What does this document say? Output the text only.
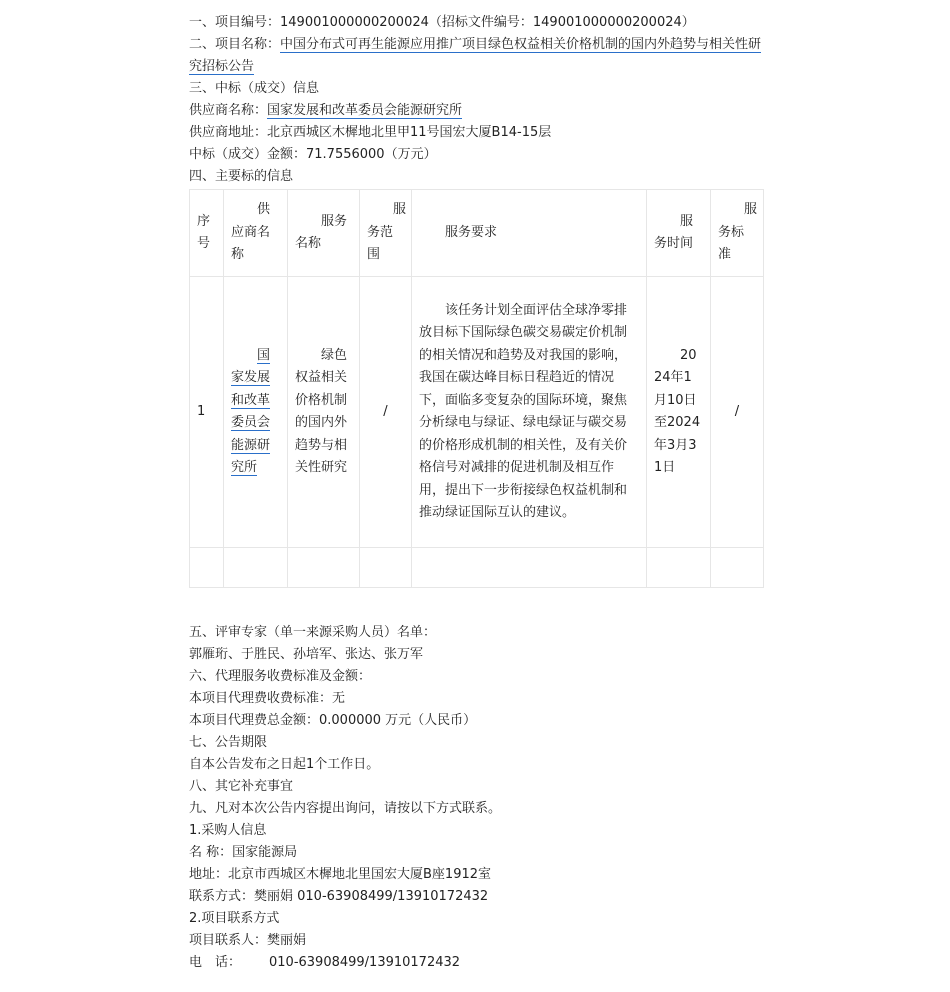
一、项目编号：149001000000200024（招标文件编号：149001000000200024）
二、项目名称：中国分布式可再生能源应用推广项目绿色权益相关价格机制的国内外趋势与相关性研究招标公告
三、中标（成交）信息
供应商名称：国家发展和改革委员会能源研究所
供应商地址：北京西城区木樨地北里甲11号国宏大厦B14-15层
中标（成交）金额：71.7556000（万元）
四、主要标的信息
序号	供应商名称	服务名称	服务范围	服务要求	服务时间	服务标准
1	国家发展和改革委员会能源研究所	绿色权益相关价格机制的国内外趋势与相关性研究	/	该任务计划全面评估全球净零排放目标下国际绿色碳交易碳定价机制的相关情况和趋势及对我国的影响，我国在碳达峰目标日程趋近的情况下，面临多变复杂的国际环境，聚焦分析绿电与绿证、绿电绿证与碳交易的价格形成机制的相关性，及有关价格信号对减排的促进机制及相互作用，提出下一步衔接绿色权益机制和推动绿证国际互认的建议。	2024年1月10日至2024年3月31日	/

五、评审专家（单一来源采购人员）名单：
郭雁珩、于胜民、孙培军、张达、张万军
六、代理服务收费标准及金额：
本项目代理费收费标准：无
本项目代理费总金额：0.000000 万元（人民币）
七、公告期限
自本公告发布之日起1个工作日。
八、其它补充事宜
九、凡对本次公告内容提出询问，请按以下方式联系。
1.采购人信息
名 称：国家能源局
地址：北京市西城区木樨地北里国宏大厦B座1912室
联系方式：樊丽娟 010-63908499/13910172432
2.项目联系方式
项目联系人：樊丽娟
电　话： 010-63908499/13910172432
